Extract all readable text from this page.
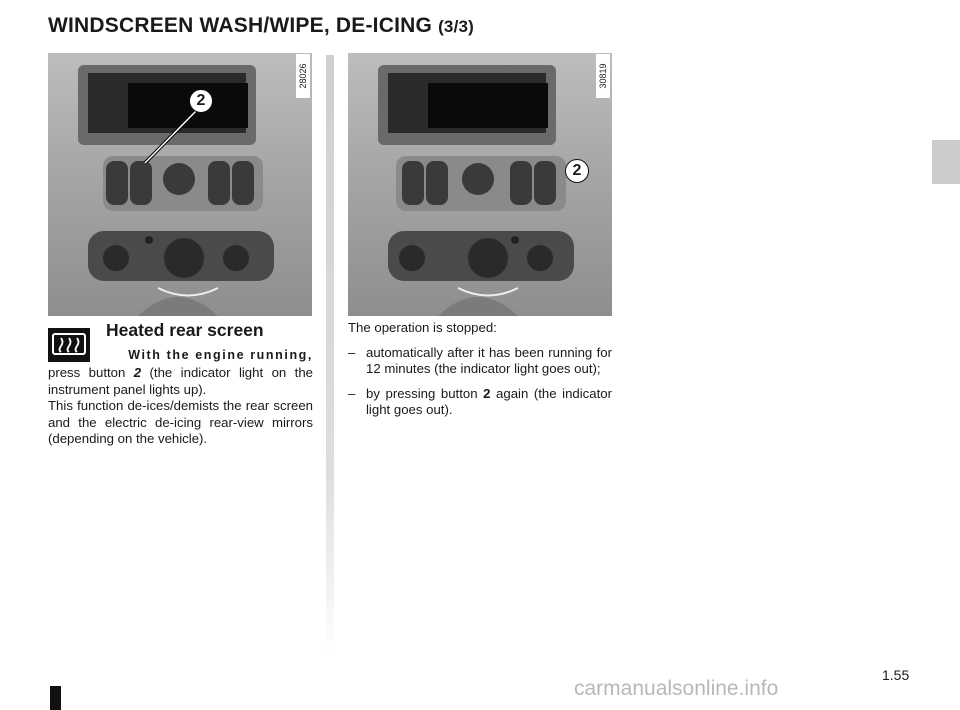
WINDSCREEN WASH/WIPE, DE-ICING (3/3)
28026
2
30819
2
Heated rear screen
With the engine running,

press button 2 (the indicator light on the instrument panel lights up).

This function de-ices/demists the rear screen and the electric de-icing rear-view mirrors (depending on the vehicle).

The operation is stopped:

– automatically after it has been running for 12 minutes (the indicator light goes out);
– by pressing button 2 again (the indicator light goes out).
1.55
carmanualsonline.info
